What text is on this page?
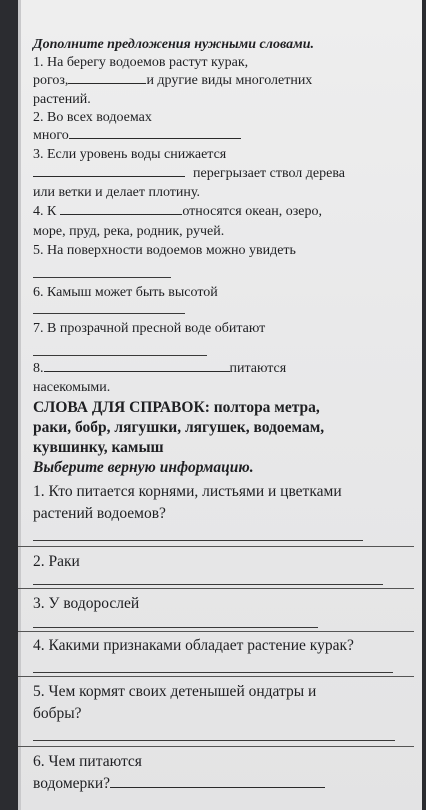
Дополните предложения нужными словами.
1. На берегу водоемов растут курак,
рогоз,	и другие виды многолетних
растений.
2. Во всех водоемах
много
3. Если уровень воды снижается
перегрызает ствол дерева
или ветки и делает плотину.
4. К	относятся океан, озеро,
море, пруд, река, родник, ручей.
5. На поверхности водоемов можно увидеть
6. Камыш может быть высотой
7. В прозрачной пресной воде обитают
8.	питаются
насекомыми.
СЛОВА ДЛЯ СПРАВОК: полтора метра,
раки, бобр, лягушки, лягушек, водоемам,
кувшинку, камыш
Выберите верную информацию.
1. Кто питается корнями, листьями и цветками
растений водоемов?
2. Раки
3. У водорослей
4. Какими признаками обладает растение курак?
5. Чем кормят своих детенышей ондатры и
бобры?
6. Чем питаются
водомерки?
